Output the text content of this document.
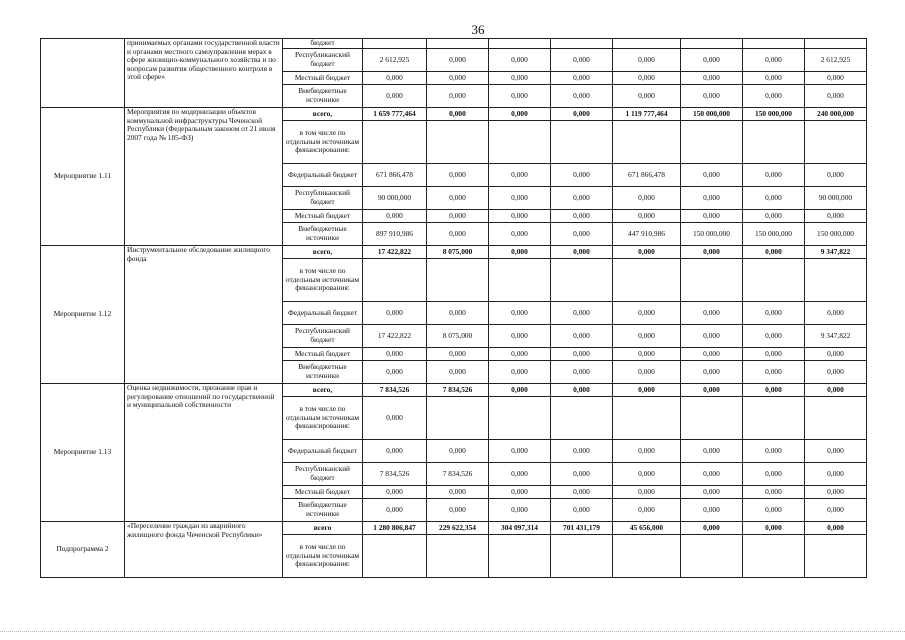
36
	принимаемых органами государственной власти и органами местного самоуправления мерах в сфере жилищно-коммунального хозяйства и по вопросам развития общественного контроля в этой сфере»	бюджет								
		Республиканский бюджет	2 612,925	0,000	0,000	0,000	0,000	0,000	0,000	2 612,925
		Местный бюджет	0,000	0,000	0,000	0,000	0,000	0,000	0,000	0,000
		Внебюджетные источники	0,000	0,000	0,000	0,000	0,000	0,000	0,000	0,000
Мероприятие 1.11	Мероприятия по модернизации объектов коммунальной инфраструктуры Чеченской Республики (Федеральным законом от 21 июля 2007 года № 185-ФЗ)	всего,	1 659 777,464	0,000	0,000	0,000	1 119 777,464	150 000,000	150 000,000	240 000,000
		в том числе по отдельным источникам финансирования:								
		Федеральный бюджет	671 866,478	0,000	0,000	0,000	671 866,478	0,000	0,000	0,000
		Республиканский бюджет	90 000,000	0,000	0,000	0,000	0,000	0,000	0,000	90 000,000
		Местный бюджет	0,000	0,000	0,000	0,000	0,000	0,000	0,000	0,000
		Внебюджетные источники	897 910,986	0,000	0,000	0,000	447 910,986	150 000,000	150 000,000	150 000,000
Мероприятие 1.12	Инструментальное обследование жилищного фонда	всего,	17 422,822	8 075,000	0,000	0,000	0,000	0,000	0,000	9 347,822
		в том числе по отдельным источникам финансирования:								
		Федеральный бюджет	0,000	0,000	0,000	0,000	0,000	0,000	0,000	0,000
		Республиканский бюджет	17 422,822	8 075,000	0,000	0,000	0,000	0,000	0,000	9 347,822
		Местный бюджет	0,000	0,000	0,000	0,000	0,000	0,000	0,000	0,000
		Внебюджетные источники	0,000	0,000	0,000	0,000	0,000	0,000	0,000	0,000
Мероприятие 1.13	Оценка недвижимости, признание прав и регулирование отношений по государственной и муниципальной собственности	всего,	7 834,526	7 834,526	0,000	0,000	0,000	0,000	0,000	0,000
		в том числе по отдельным источникам финансирования:	0,000							
		Федеральный бюджет	0,000	0,000	0,000	0,000	0,000	0,000	0,000	0,000
		Республиканский бюджет	7 834,526	7 834,526	0,000	0,000	0,000	0,000	0,000	0,000
		Местный бюджет	0,000	0,000	0,000	0,000	0,000	0,000	0,000	0,000
		Внебюджетные источники	0,000	0,000	0,000	0,000	0,000	0,000	0,000	0,000
Подпрограмма 2	«Переселение граждан из аварийного жилищного фонда Чеченской Республики»	всего	1 280 806,847	229 622,354	304 097,314	701 431,179	45 656,000	0,000	0,000	0,000
		в том числе по отдельным источникам финансирования:								
